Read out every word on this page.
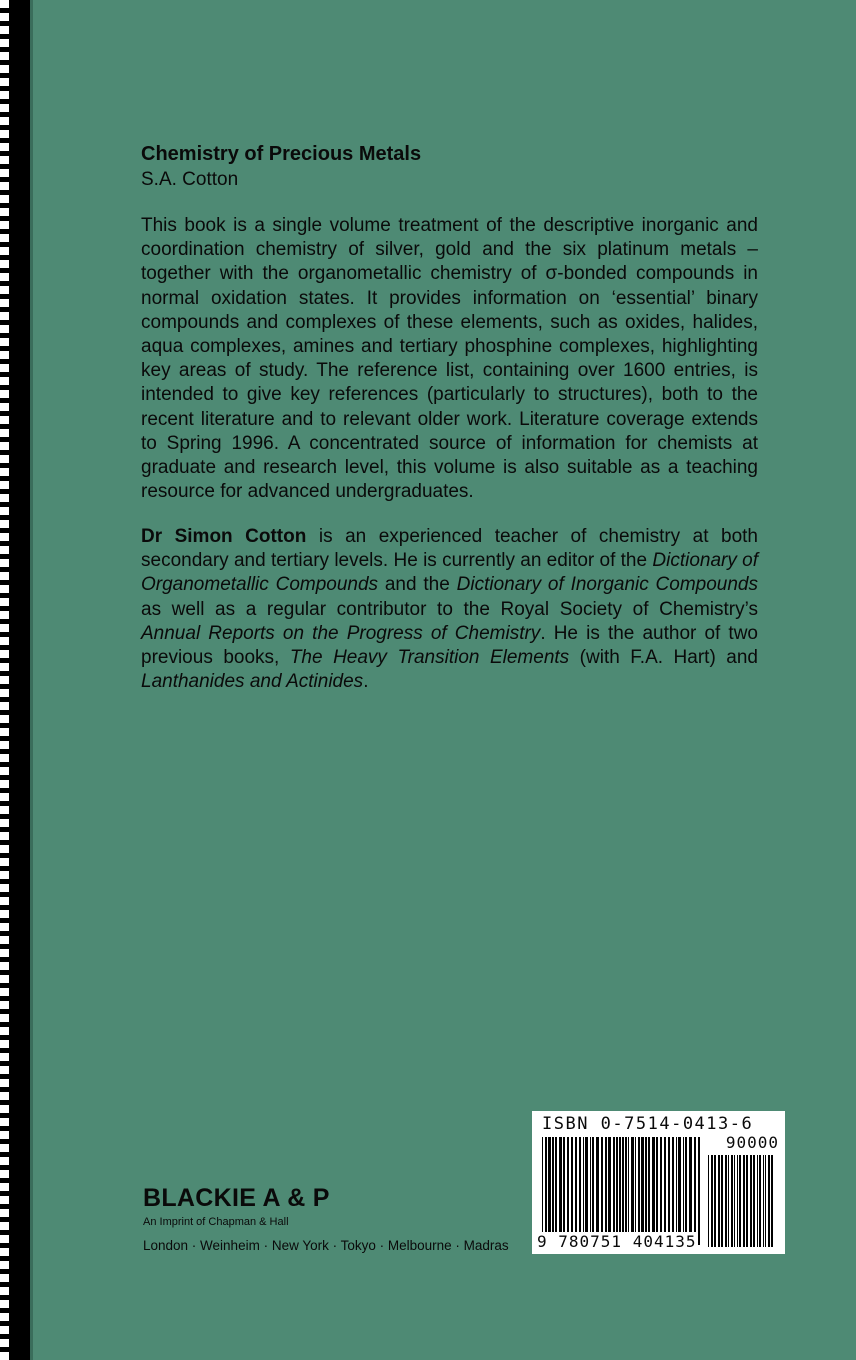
Chemistry of Precious Metals
S.A. Cotton
This book is a single volume treatment of the descriptive inorganic and coordination chemistry of silver, gold and the six platinum metals – together with the organometallic chemistry of σ-bonded compounds in normal oxidation states. It provides information on ‘essential’ binary compounds and complexes of these elements, such as oxides, halides, aqua complexes, amines and tertiary phosphine complexes, highlighting key areas of study. The reference list, containing over 1600 entries, is intended to give key references (particularly to structures), both to the recent literature and to relevant older work. Literature coverage extends to Spring 1996. A concentrated source of information for chemists at graduate and research level, this volume is also suitable as a teaching resource for advanced undergraduates.
Dr Simon Cotton is an experienced teacher of chemistry at both secondary and tertiary levels. He is currently an editor of the Dictionary of Organometallic Compounds and the Dictionary of Inorganic Compounds as well as a regular contributor to the Royal Society of Chemistry’s Annual Reports on the Progress of Chemistry. He is the author of two previous books, The Heavy Transition Elements (with F.A. Hart) and Lanthanides and Actinides.
BLACKIE A & P
An Imprint of Chapman & Hall
London · Weinheim · New York · Tokyo · Melbourne · Madras
ISBN 0-7514-0413-6
90000
9 780751 404135
